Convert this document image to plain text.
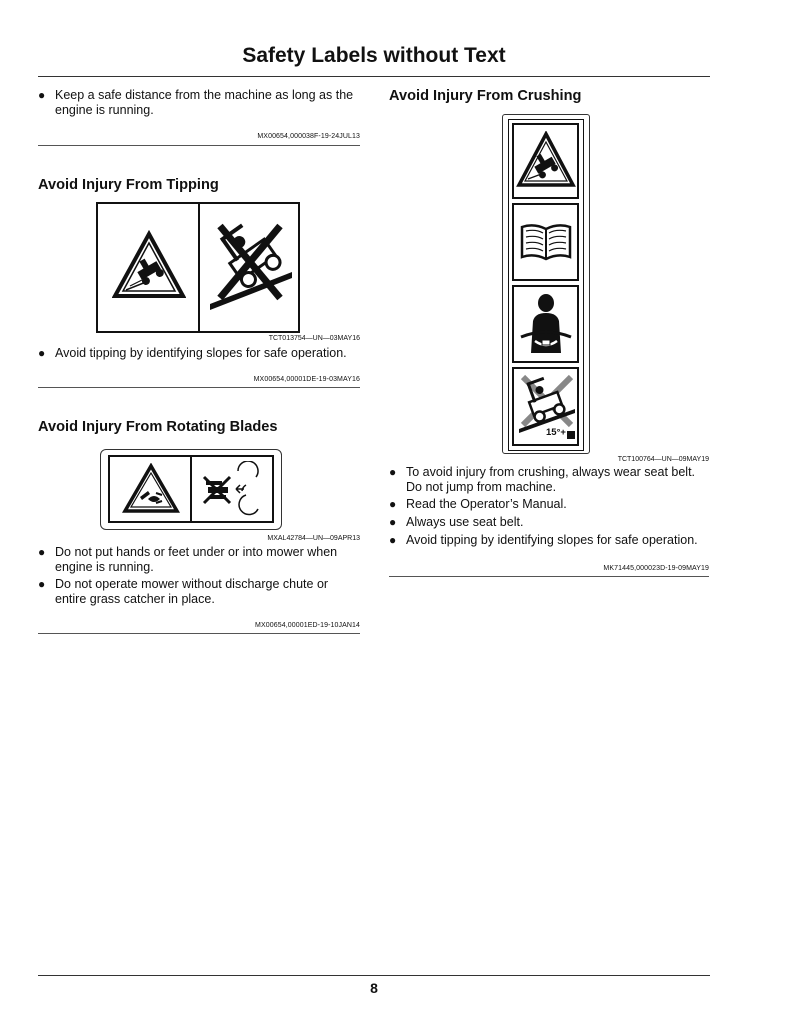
Safety Labels without Text
● Keep a safe distance from the machine as long as the engine is running.
MX00654,000038F-19-24JUL13
Avoid Injury From Tipping
TCT013754—UN—03MAY16
● Avoid tipping by identifying slopes for safe operation.
MX00654,00001DE-19-03MAY16
Avoid Injury From Rotating Blades
MXAL42784—UN—09APR13
● Do not put hands or feet under or into mower when engine is running.
● Do not operate mower without discharge chute or entire grass catcher in place.
MX00654,00001ED-19-10JAN14
Avoid Injury From Crushing
15°+
TCT100764—UN—09MAY19
● To avoid injury from crushing, always wear seat belt. Do not jump from machine.
● Read the Operator’s Manual.
● Always use seat belt.
● Avoid tipping by identifying slopes for safe operation.
MK71445,000023D-19-09MAY19
8
